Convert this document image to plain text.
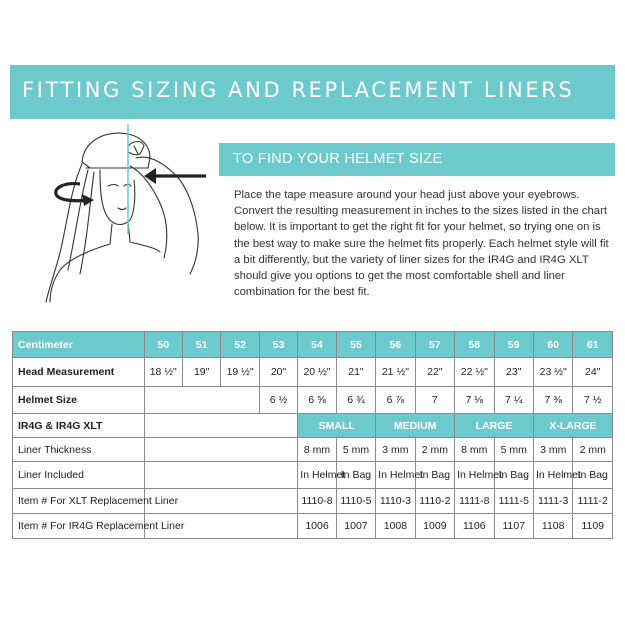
FITTING SIZING AND REPLACEMENT LINERS
TO FIND YOUR HELMET SIZE

Place the tape measure around your head just above your eyebrows. Convert the resulting measurement in inches to the sizes listed in the chart below. It is important to get the right fit for your helmet, so trying one on is the best way to make sure the helmet fits properly. Each helmet style will fit a bit differently, but the variety of liner sizes for the IR4G and IR4G XLT should give you options to get the most comfortable shell and liner combination for the best fit.

Centimeter	50	51	52	53	54	55	56	57	58	59	60	61
Head Measurement	18 ½"	19"	19 ½"	20"	20 ½"	21"	21 ½"	22"	22 ½"	23"	23 ½"	24"
Helmet Size				6 ½	6 ⅝	6 ¾	6 ⅞	7	7 ⅛	7 ¼	7 ⅜	7 ½
IR4G & IR4G XLT					SMALL		MEDIUM		LARGE		X-LARGE	
Liner Thickness					8 mm	5 mm	3 mm	2 mm	8 mm	5 mm	3 mm	2 mm
Liner Included					In Helmet	In Bag	In Helmet	In Bag	In Helmet	In Bag	In Helmet	In Bag
Item # For XLT Replacement Liner					1110-8	1110-5	1110-3	1110-2	1111-8	1111-5	1111-3	1111-2
Item # For IR4G Replacement Liner					1006	1007	1008	1009	1106	1107	1108	1109
